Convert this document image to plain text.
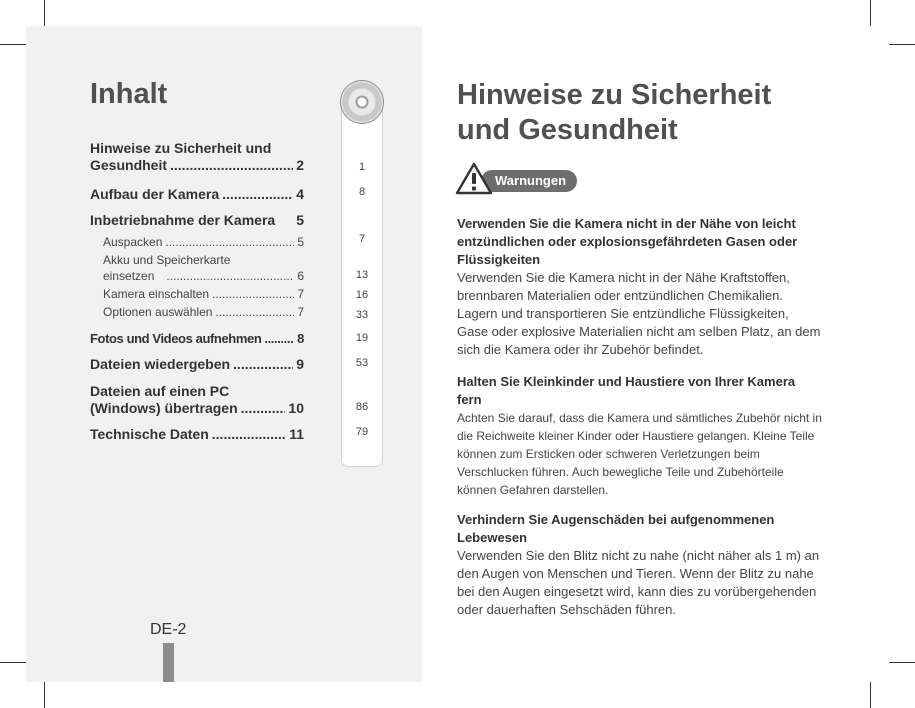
Inhalt
Hinweise zu Sicherheit und
Gesundheit .....	2
Aufbau der Kamera .....	4
Inbetriebnahme der Kamera 5
Auspacken .....	5
Akku und Speicherkarte
einsetzen .....	6
Kamera einschalten .....	7
Optionen auswählen .....	7
Fotos und Videos aufnehmen .....	8
Dateien wiedergeben .....	9
Dateien auf einen PC
(Windows) übertragen .....	10
Technische Daten .....	11
1
8
7
13
16
33
19
53
86
79
DE-2
Hinweise zu Sicherheit
und Gesundheit
Warnungen
Verwenden Sie die Kamera nicht in der Nähe von leicht entzündlichen oder explosionsgefährdeten Gasen oder Flüssigkeiten

Verwenden Sie die Kamera nicht in der Nähe Kraftstoffen, brennbaren Materialien oder entzündlichen Chemikalien. Lagern und transportieren Sie entzündliche Flüssigkeiten, Gase oder explosive Materialien nicht am selben Platz, an dem sich die Kamera oder ihr Zubehör befindet.

Halten Sie Kleinkinder und Haustiere von Ihrer Kamera fern

Achten Sie darauf, dass die Kamera und sämtliches Zubehör nicht in die Reichweite kleiner Kinder oder Haustiere gelangen. Kleine Teile können zum Ersticken oder schweren Verletzungen beim Verschlucken führen. Auch bewegliche Teile und Zubehörteile können Gefahren darstellen.

Verhindern Sie Augenschäden bei aufgenommenen Lebewesen

Verwenden Sie den Blitz nicht zu nahe (nicht näher als 1 m) an den Augen von Menschen und Tieren. Wenn der Blitz zu nahe bei den Augen eingesetzt wird, kann dies zu vorübergehenden oder dauerhaften Sehschäden führen.
